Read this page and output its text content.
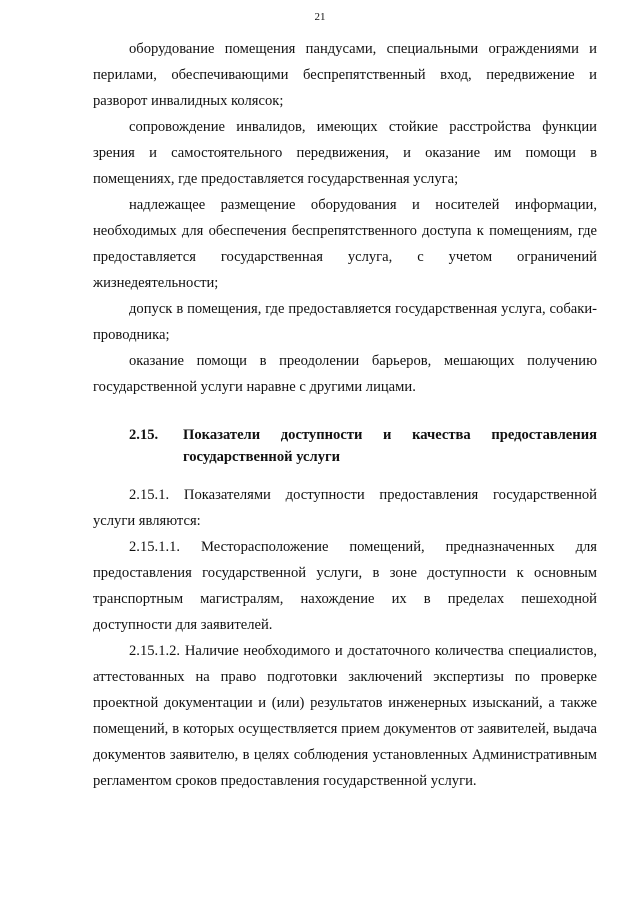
21

оборудование помещения пандусами, специальными ограждениями и перилами, обеспечивающими беспрепятственный вход, передвижение и разворот инвалидных колясок;

сопровождение инвалидов, имеющих стойкие расстройства функции зрения и самостоятельного передвижения, и оказание им помощи в помещениях, где предоставляется государственная услуга;

надлежащее размещение оборудования и носителей информации, необходимых для обеспечения беспрепятственного доступа к помещениям, где предоставляется государственная услуга, с учетом ограничений жизнедеятельности;

допуск в помещения, где предоставляется государственная услуга, собаки-проводника;

оказание помощи в преодолении барьеров, мешающих получению государственной услуги наравне с другими лицами.

2.15.	Показатели доступности и качества предоставления
государственной услуги

2.15.1. Показателями доступности предоставления государственной услуги являются:

2.15.1.1. Месторасположение помещений, предназначенных для предоставления государственной услуги, в зоне доступности к основным транспортным магистралям, нахождение их в пределах пешеходной доступности для заявителей.

2.15.1.2. Наличие необходимого и достаточного количества специалистов, аттестованных на право подготовки заключений экспертизы по проверке проектной документации и (или) результатов инженерных изысканий, а также помещений, в которых осуществляется прием документов от заявителей, выдача документов заявителю, в целях соблюдения установленных Административным регламентом сроков предоставления государственной услуги.
